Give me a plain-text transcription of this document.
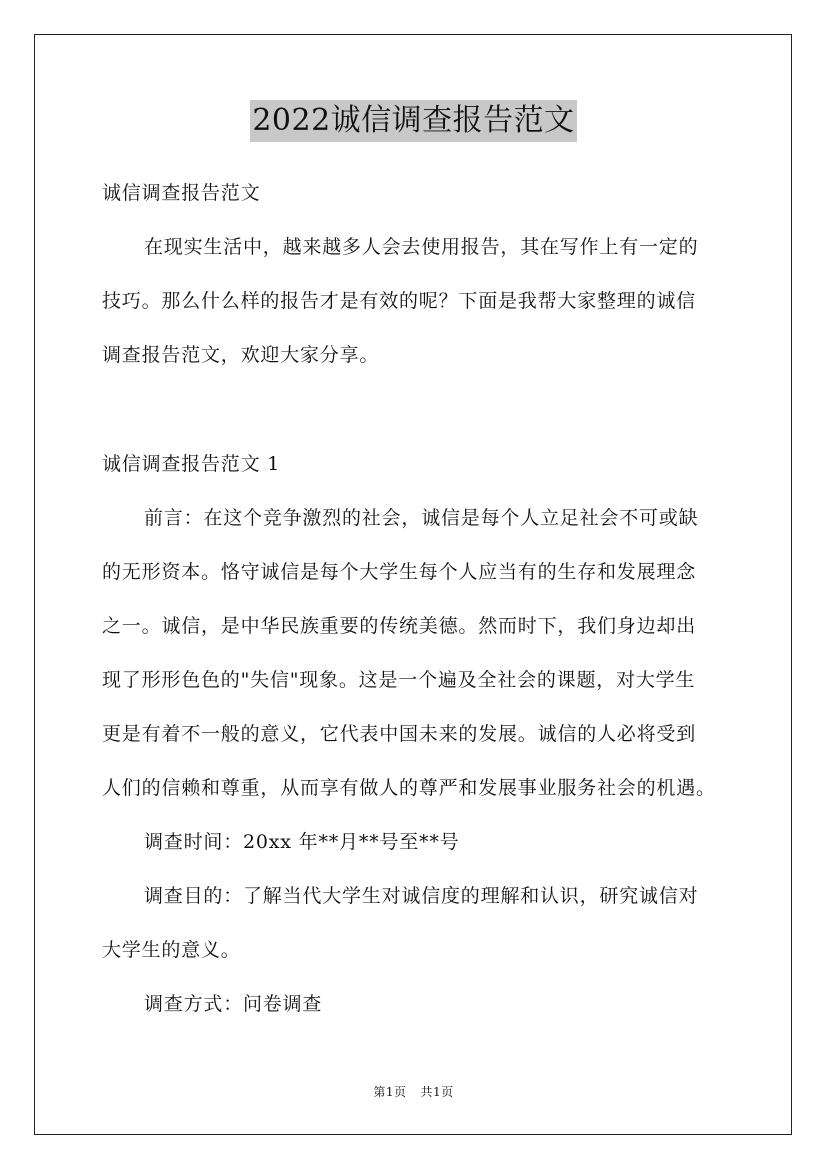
2022诚信调查报告范文
诚信调查报告范文
在现实生活中，越来越多人会去使用报告，其在写作上有一定的
技巧。那么什么样的报告才是有效的呢？下面是我帮大家整理的诚信
调查报告范文，欢迎大家分享。
诚信调查报告范文 1
前言：在这个竞争激烈的社会，诚信是每个人立足社会不可或缺
的无形资本。恪守诚信是每个大学生每个人应当有的生存和发展理念
之一。诚信，是中华民族重要的传统美德。然而时下，我们身边却出
现了形形色色的"失信"现象。这是一个遍及全社会的课题，对大学生
更是有着不一般的意义，它代表中国未来的发展。诚信的人必将受到
人们的信赖和尊重，从而享有做人的尊严和发展事业服务社会的机遇。
调查时间：20xx 年**月**号至**号
调查目的：了解当代大学生对诚信度的理解和认识，研究诚信对
大学生的意义。
调查方式：问卷调查
第1页 共1页
